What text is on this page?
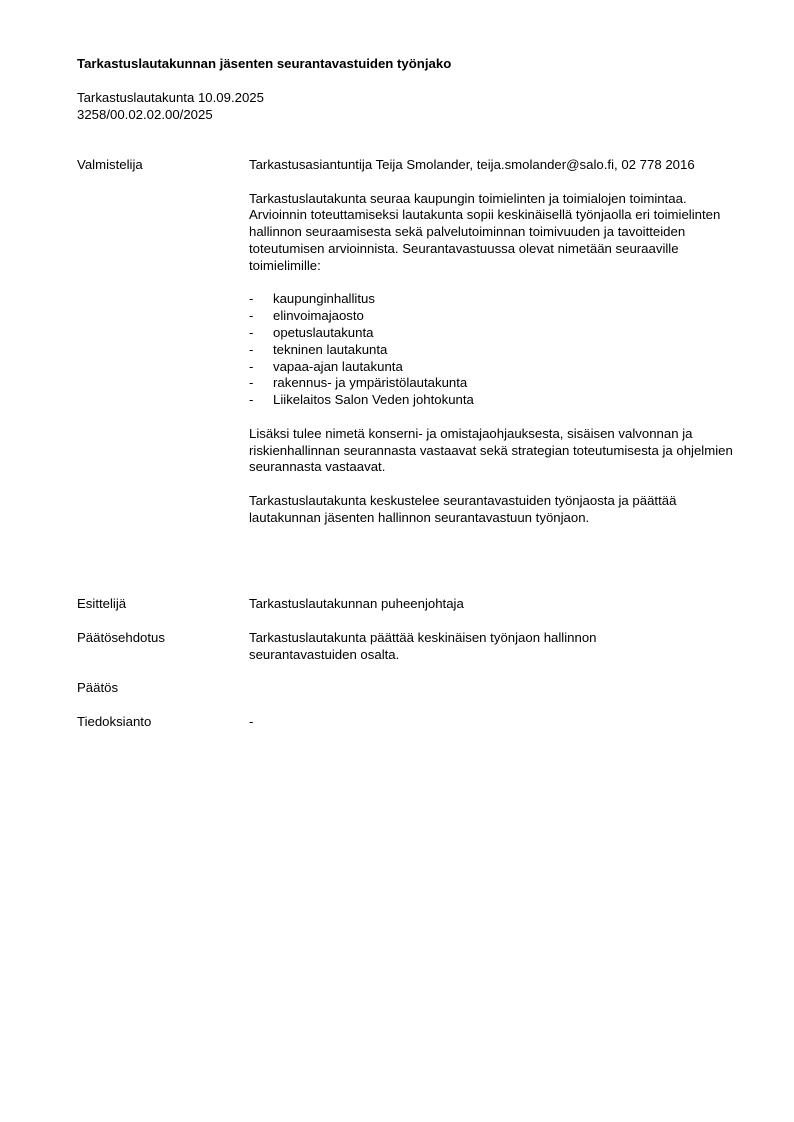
Tarkastuslautakunnan jäsenten seurantavastuiden työnjako
Tarkastuslautakunta 10.09.2025
3258/00.02.02.00/2025
Valmistelija	Tarkastusasiantuntija Teija Smolander, teija.smolander@salo.fi, 02 778 2016

Tarkastuslautakunta seuraa kaupungin toimielinten ja toimialojen toimintaa. Arvioinnin toteuttamiseksi lautakunta sopii keskinäisellä työnjaolla eri toimielinten hallinnon seuraamisesta sekä palvelutoiminnan toimivuuden ja tavoitteiden toteutumisen arvioinnista. Seurantavastuussa olevat nimetään seuraaville toimielimille:

- kaupunginhallitus
- elinvoimajaosto
- opetuslautakunta
- tekninen lautakunta
- vapaa-ajan lautakunta
- rakennus- ja ympäristölautakunta
- Liikelaitos Salon Veden johtokunta

Lisäksi tulee nimetä konserni- ja omistajaohjauksesta, sisäisen valvonnan ja riskienhallinnan seurannasta vastaavat sekä strategian toteutumisesta ja ohjelmien seurannasta vastaavat.

Tarkastuslautakunta keskustelee seurantavastuiden työnjaosta ja päättää lautakunnan jäsenten hallinnon seurantavastuun työnjaon.

Esittelijä	Tarkastuslautakunnan puheenjohtaja
Päätösehdotus	Tarkastuslautakunta päättää keskinäisen työnjaon hallinnon seurantavastuiden osalta.
Päätös
Tiedoksianto	-
